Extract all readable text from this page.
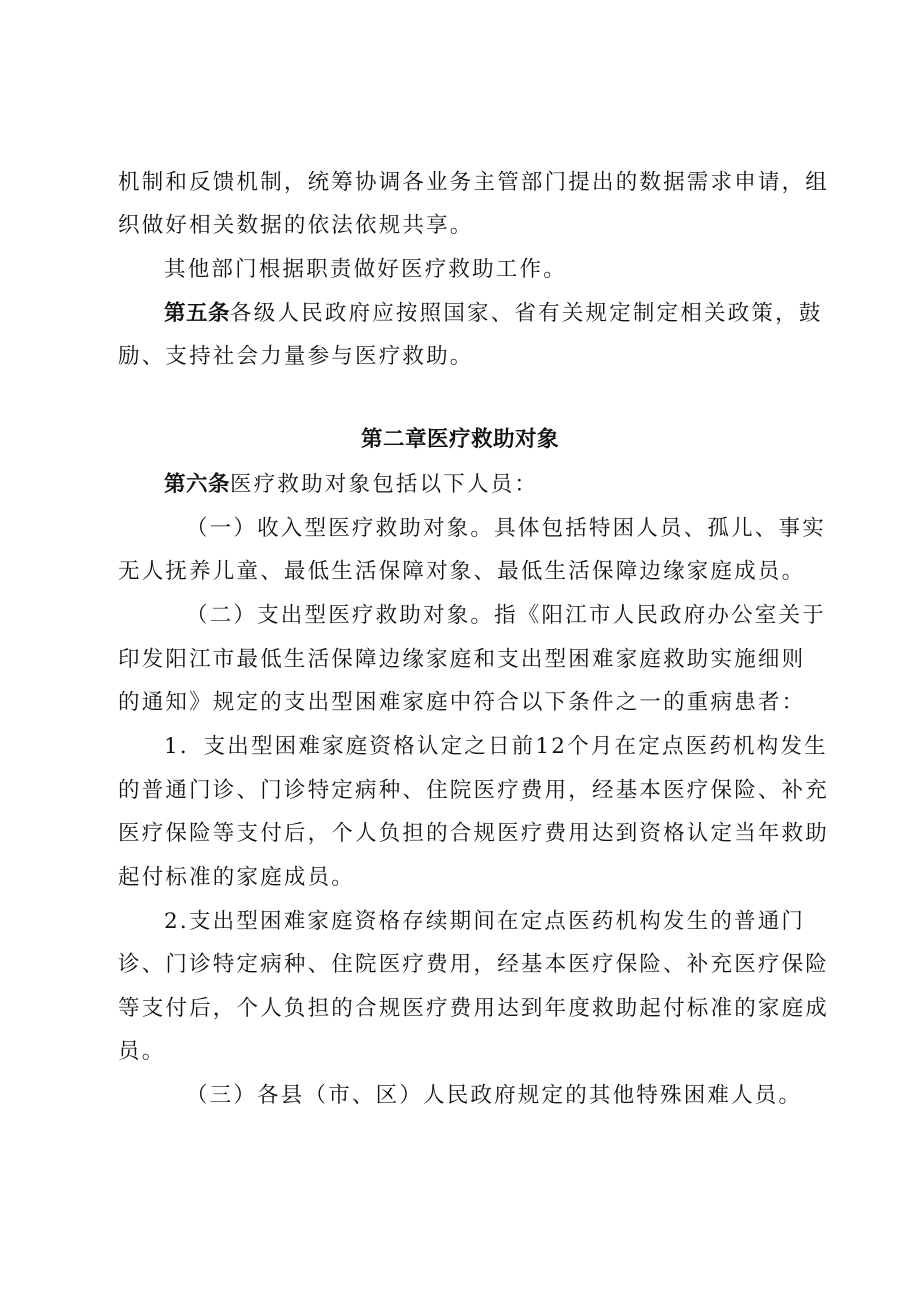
机制和反馈机制，统筹协调各业务主管部门提出的数据需求申请，组
织做好相关数据的依法依规共享。
其他部门根据职责做好医疗救助工作。
第五条各级人民政府应按照国家、省有关规定制定相关政策，鼓
励、支持社会力量参与医疗救助。
第二章医疗救助对象
第六条医疗救助对象包括以下人员：
（一）收入型医疗救助对象。具体包括特困人员、孤儿、事实
无人抚养儿童、最低生活保障对象、最低生活保障边缘家庭成员。
（二）支出型医疗救助对象。指《阳江市人民政府办公室关于
印发阳江市最低生活保障边缘家庭和支出型困难家庭救助实施细则
的通知》规定的支出型困难家庭中符合以下条件之一的重病患者：
1．支出型困难家庭资格认定之日前12个月在定点医药机构发生
的普通门诊、门诊特定病种、住院医疗费用，经基本医疗保险、补充
医疗保险等支付后，个人负担的合规医疗费用达到资格认定当年救助
起付标准的家庭成员。
2.支出型困难家庭资格存续期间在定点医药机构发生的普通门
诊、门诊特定病种、住院医疗费用，经基本医疗保险、补充医疗保险
等支付后，个人负担的合规医疗费用达到年度救助起付标准的家庭成
员。
（三）各县（市、区）人民政府规定的其他特殊困难人员。
